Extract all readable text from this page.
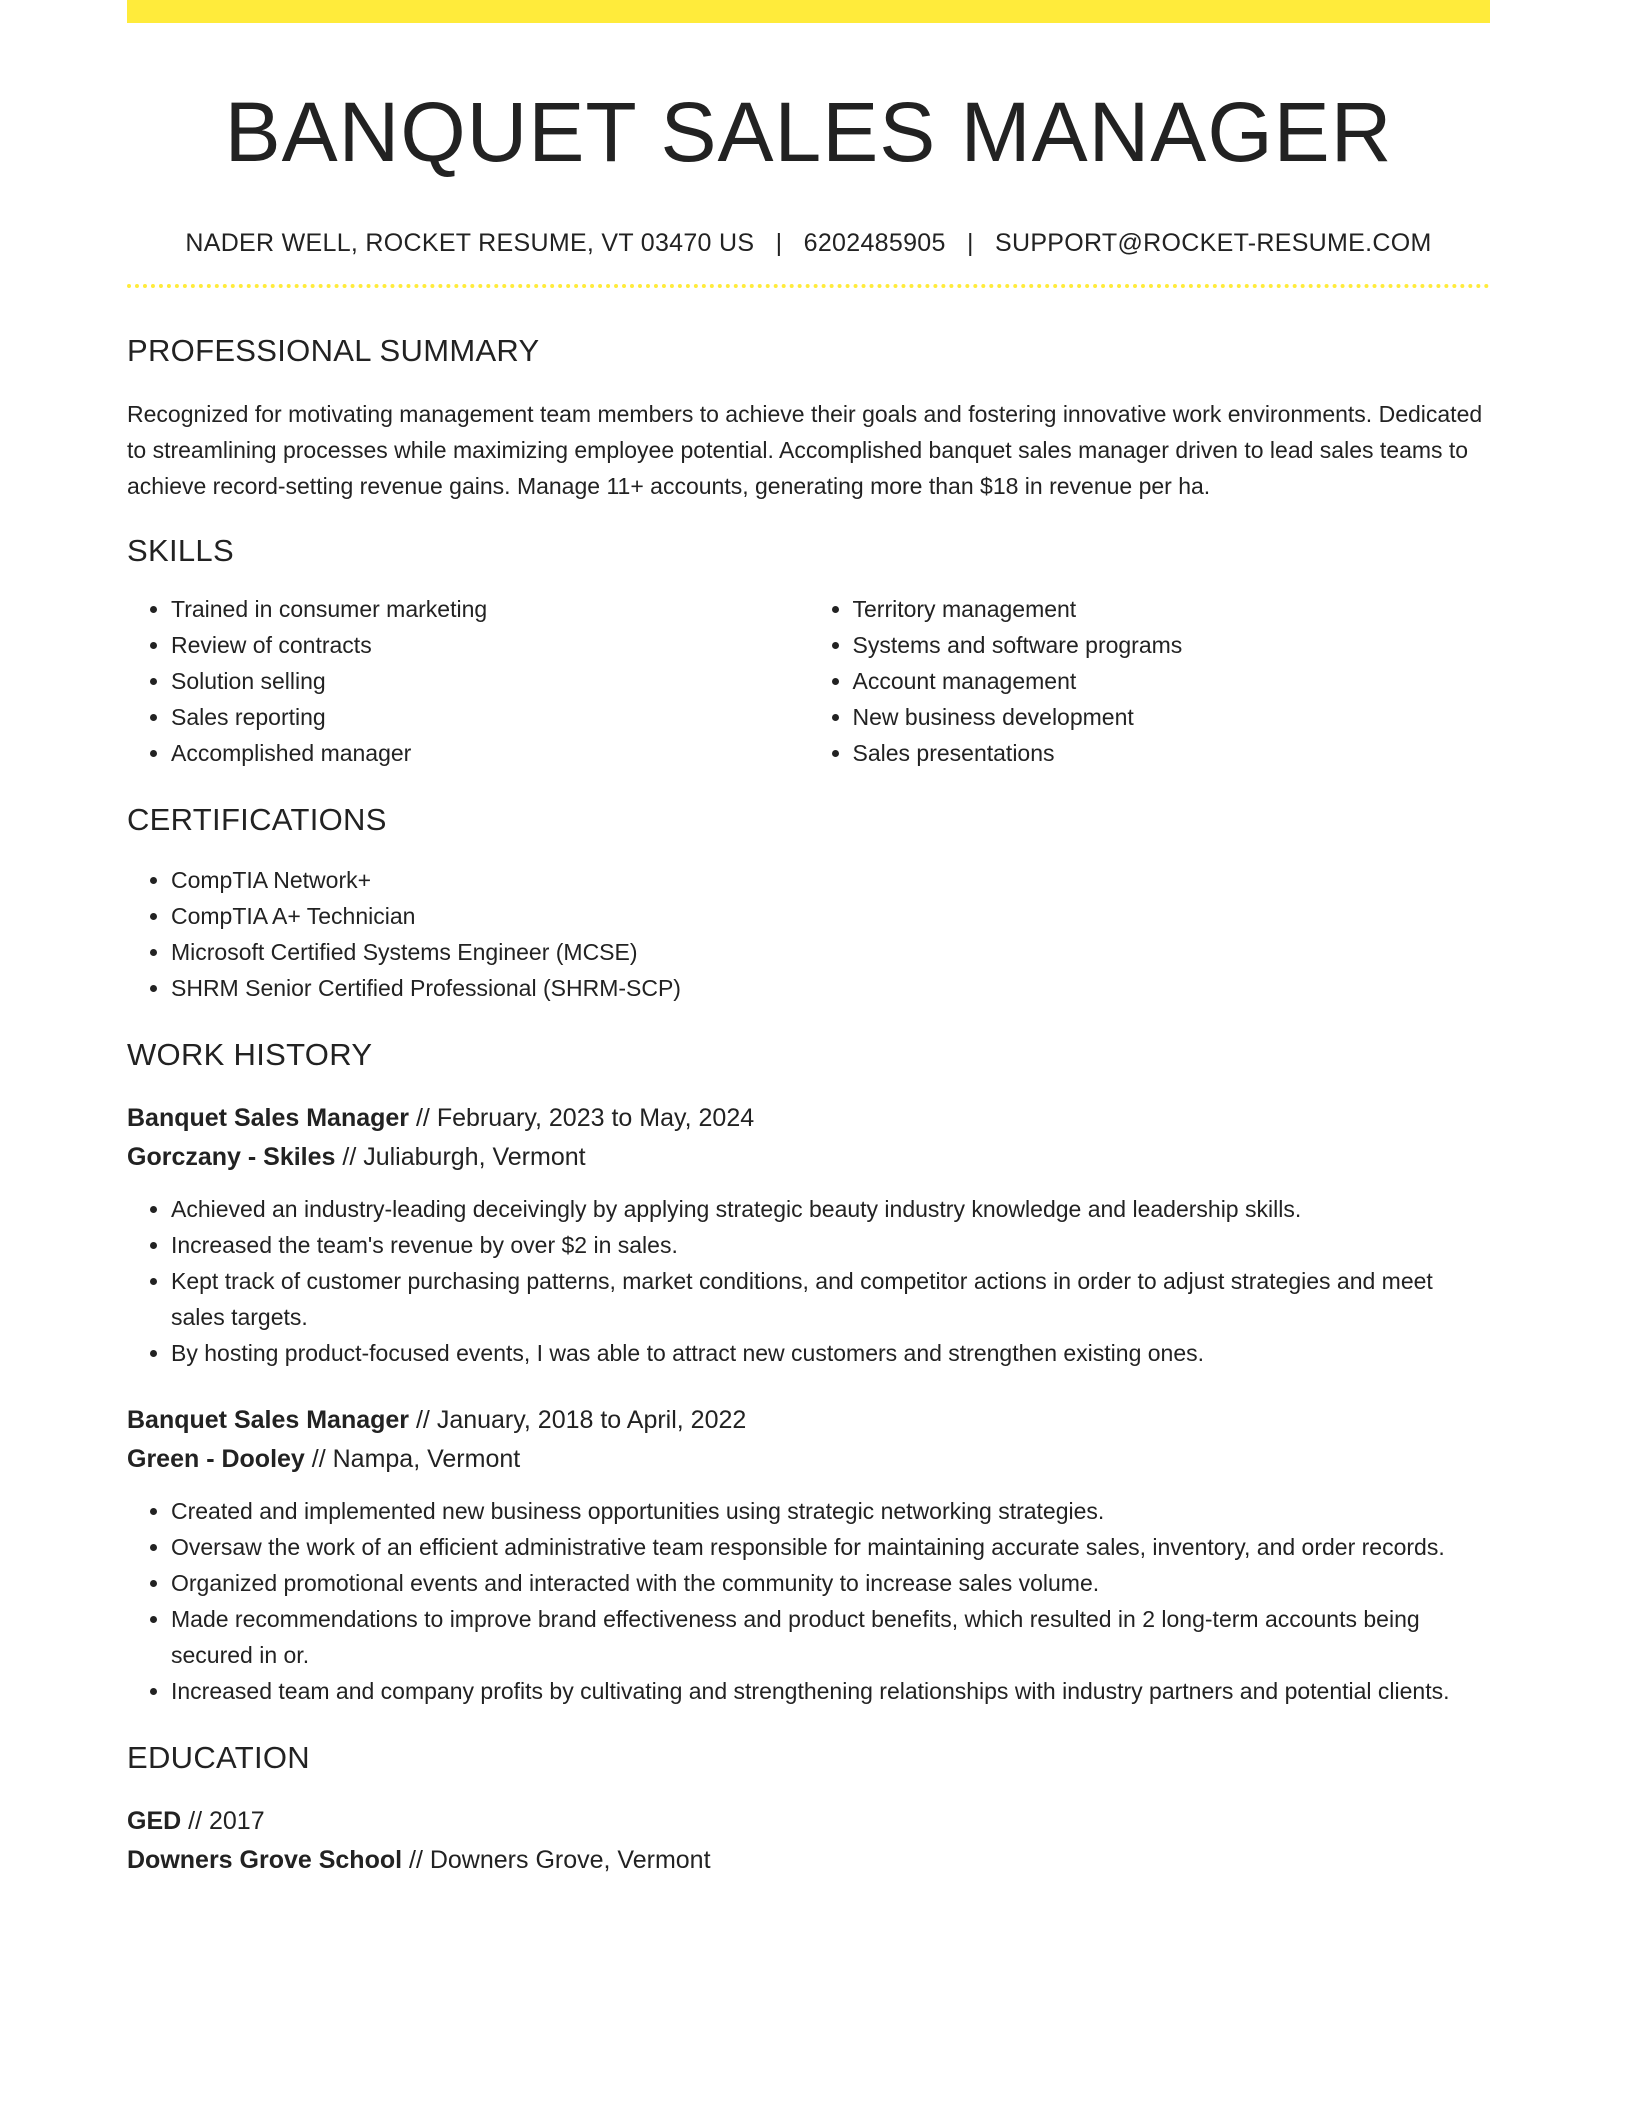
BANQUET SALES MANAGER
NADER WELL, ROCKET RESUME, VT 03470 US | 6202485905 | SUPPORT@ROCKET-RESUME.COM
PROFESSIONAL SUMMARY
Recognized for motivating management team members to achieve their goals and fostering innovative work environments. Dedicated to streamlining processes while maximizing employee potential. Accomplished banquet sales manager driven to lead sales teams to achieve record-setting revenue gains. Manage 11+ accounts, generating more than $18 in revenue per ha.
SKILLS
• Trained in consumer marketing
• Review of contracts
• Solution selling
• Sales reporting
• Accomplished manager
• Territory management
• Systems and software programs
• Account management
• New business development
• Sales presentations
CERTIFICATIONS
• CompTIA Network+
• CompTIA A+ Technician
• Microsoft Certified Systems Engineer (MCSE)
• SHRM Senior Certified Professional (SHRM-SCP)
WORK HISTORY
Banquet Sales Manager // February, 2023 to May, 2024
Gorczany - Skiles // Juliaburgh, Vermont
• Achieved an industry-leading deceivingly by applying strategic beauty industry knowledge and leadership skills.
• Increased the team's revenue by over $2 in sales.
• Kept track of customer purchasing patterns, market conditions, and competitor actions in order to adjust strategies and meet sales targets.
• By hosting product-focused events, I was able to attract new customers and strengthen existing ones.
Banquet Sales Manager // January, 2018 to April, 2022
Green - Dooley // Nampa, Vermont
• Created and implemented new business opportunities using strategic networking strategies.
• Oversaw the work of an efficient administrative team responsible for maintaining accurate sales, inventory, and order records.
• Organized promotional events and interacted with the community to increase sales volume.
• Made recommendations to improve brand effectiveness and product benefits, which resulted in 2 long-term accounts being secured in or.
• Increased team and company profits by cultivating and strengthening relationships with industry partners and potential clients.
EDUCATION
GED // 2017
Downers Grove School // Downers Grove, Vermont
